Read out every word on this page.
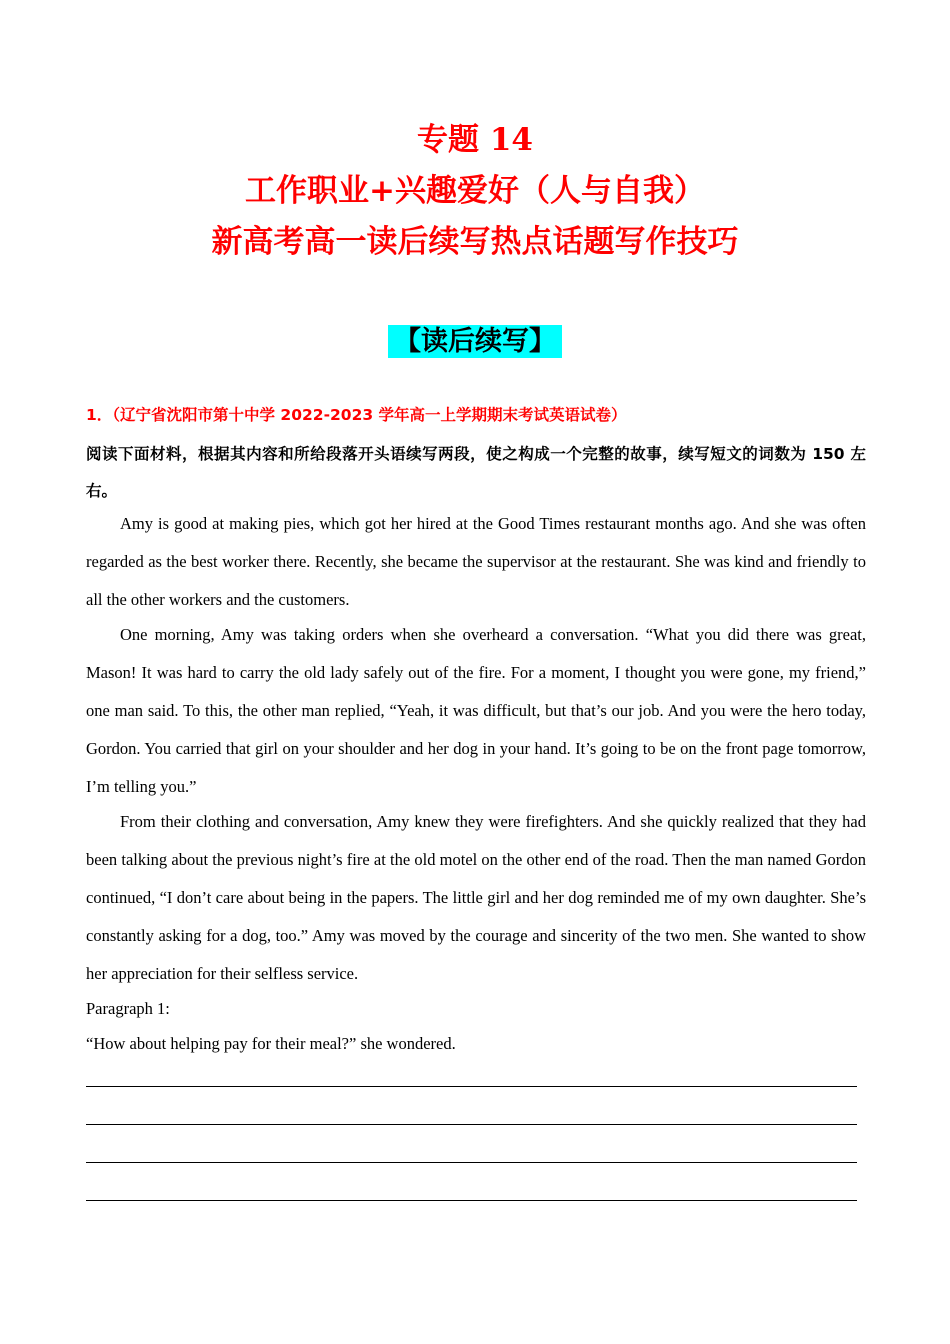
专题 14
工作职业+兴趣爱好（人与自我）
新高考高一读后续写热点话题写作技巧
【读后续写】
1．（辽宁省沈阳市第十中学 2022-2023 学年高一上学期期末考试英语试卷）
阅读下面材料，根据其内容和所给段落开头语续写两段，使之构成一个完整的故事，续写短文的词数为 150 左右。
Amy is good at making pies, which got her hired at the Good Times restaurant months ago. And she was often regarded as the best worker there. Recently, she became the supervisor at the restaurant. She was kind and friendly to all the other workers and the customers.
One morning, Amy was taking orders when she overheard a conversation. “What you did there was great, Mason! It was hard to carry the old lady safely out of the fire. For a moment, I thought you were gone, my friend,” one man said. To this, the other man replied, “Yeah, it was difficult, but that’s our job. And you were the hero today, Gordon. You carried that girl on your shoulder and her dog in your hand. It’s going to be on the front page tomorrow, I’m telling you.”
From their clothing and conversation, Amy knew they were firefighters. And she quickly realized that they had been talking about the previous night’s fire at the old motel on the other end of the road. Then the man named Gordon continued, “I don’t care about being in the papers. The little girl and her dog reminded me of my own daughter. She’s constantly asking for a dog, too.” Amy was moved by the courage and sincerity of the two men. She wanted to show her appreciation for their selfless service.
Paragraph 1:
“How about helping pay for their meal?” she wondered.
